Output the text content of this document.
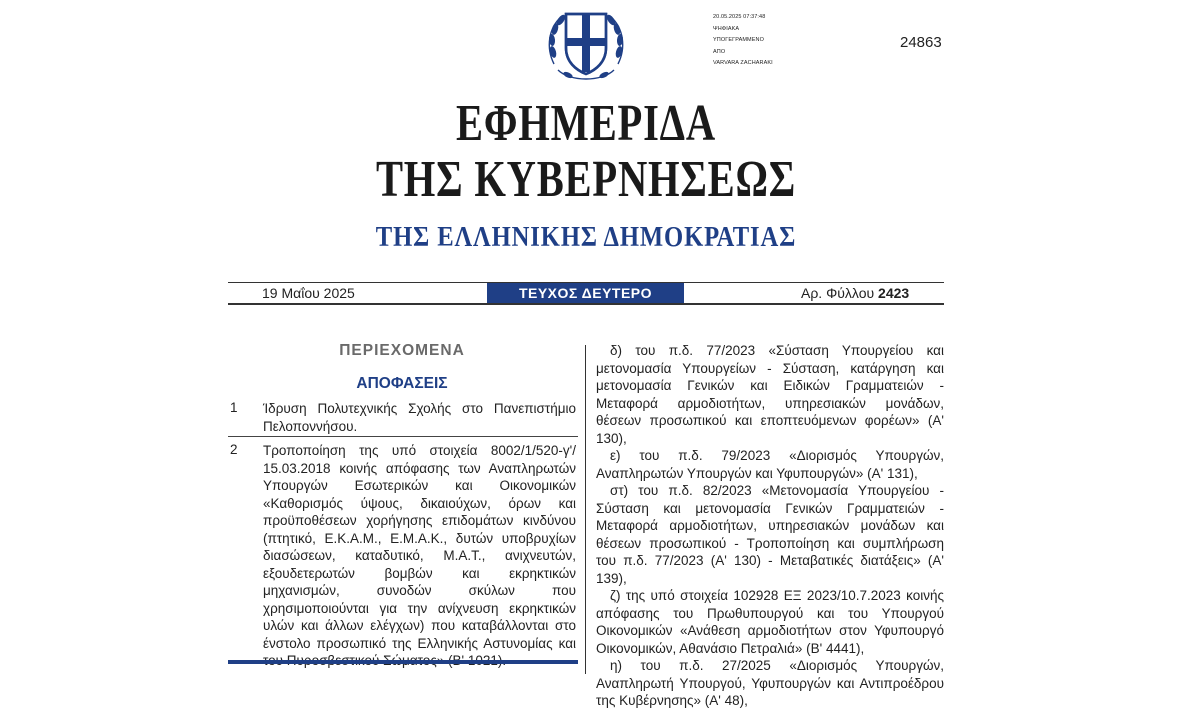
20.05.2025 07:37:48
ΨΗΦΙΑΚΑ
ΥΠΟΓΕΓΡΑΜΜΕΝΟ
ΑΠΟ
VARVARA ZACHARAKI
24863
ΕΦΗΜΕΡΙΔΑ
ΤΗΣ ΚΥΒΕΡΝΗΣΕΩΣ
ΤΗΣ ΕΛΛΗΝΙΚΗΣ ΔΗΜΟΚΡΑΤΙΑΣ
19 Μαΐου 2025	ΤΕΥΧΟΣ ΔΕΥΤΕΡΟ	Αρ. Φύλλου 2423
ΠΕΡΙΕΧΟΜΕΝΑ
ΑΠΟΦΑΣΕΙΣ
1 Ίδρυση Πολυτεχνικής Σχολής στο Πανεπιστήμιο Πελοποννήσου.
2 Τροποποίηση της υπό στοιχεία 8002/1/520-γ'/ 15.03.2018 κοινής απόφασης των Αναπληρωτών Υπουργών Εσωτερικών και Οικονομικών «Καθορισμός ύψους, δικαιούχων, όρων και προϋποθέσεων χορήγησης επιδομάτων κινδύνου (πτητικό, Ε.Κ.Α.Μ., Ε.Μ.Α.Κ., δυτών υποβρυχίων διασώσεων, καταδυτικό, Μ.Α.Τ., ανιχνευτών, εξουδετερωτών βομβών και εκρηκτικών μηχανισμών, συνοδών σκύλων που χρησιμοποιούνται για την ανίχνευση εκρηκτικών υλών και άλλων ελέγχων) που καταβάλλονται στο ένστολο προσωπικό της Ελληνικής Αστυνομίας και

δ) του π.δ. 77/2023 «Σύσταση Υπουργείου και μετονομασία Υπουργείων - Σύσταση, κατάργηση και μετονομασία Γενικών και Ειδικών Γραμματειών - Μεταφορά αρμοδιοτήτων, υπηρεσιακών μονάδων, θέσεων προσωπικού και εποπτευόμενων φορέων» (Α' 130),

ε) του π.δ. 79/2023 «Διορισμός Υπουργών, Αναπληρωτών Υπουργών και Υφυπουργών» (Α' 131),

στ) του π.δ. 82/2023 «Μετονομασία Υπουργείου - Σύσταση και μετονομασία Γενικών Γραμματειών - Μεταφορά αρμοδιοτήτων, υπηρεσιακών μονάδων και θέσεων προσωπικού - Τροποποίηση και συμπλήρωση του π.δ. 77/2023 (Α' 130) - Μεταβατικές διατάξεις» (Α' 139),

ζ) της υπό στοιχεία 102928 ΕΞ 2023/10.7.2023 κοινής απόφασης του Πρωθυπουργού και του Υπουργού Οικονομικών «Ανάθεση αρμοδιοτήτων στον Υφυπουργό Οικονομικών, Αθανάσιο Πετραλιά» (Β' 4441),

η) του π.δ. 27/2025 «Διορισμός Υπουργών, Αναπληρωτή Υπουργού, Υφυπουργών και Αντιπροέδρου της Κυβέρνησης» (Α' 48),
